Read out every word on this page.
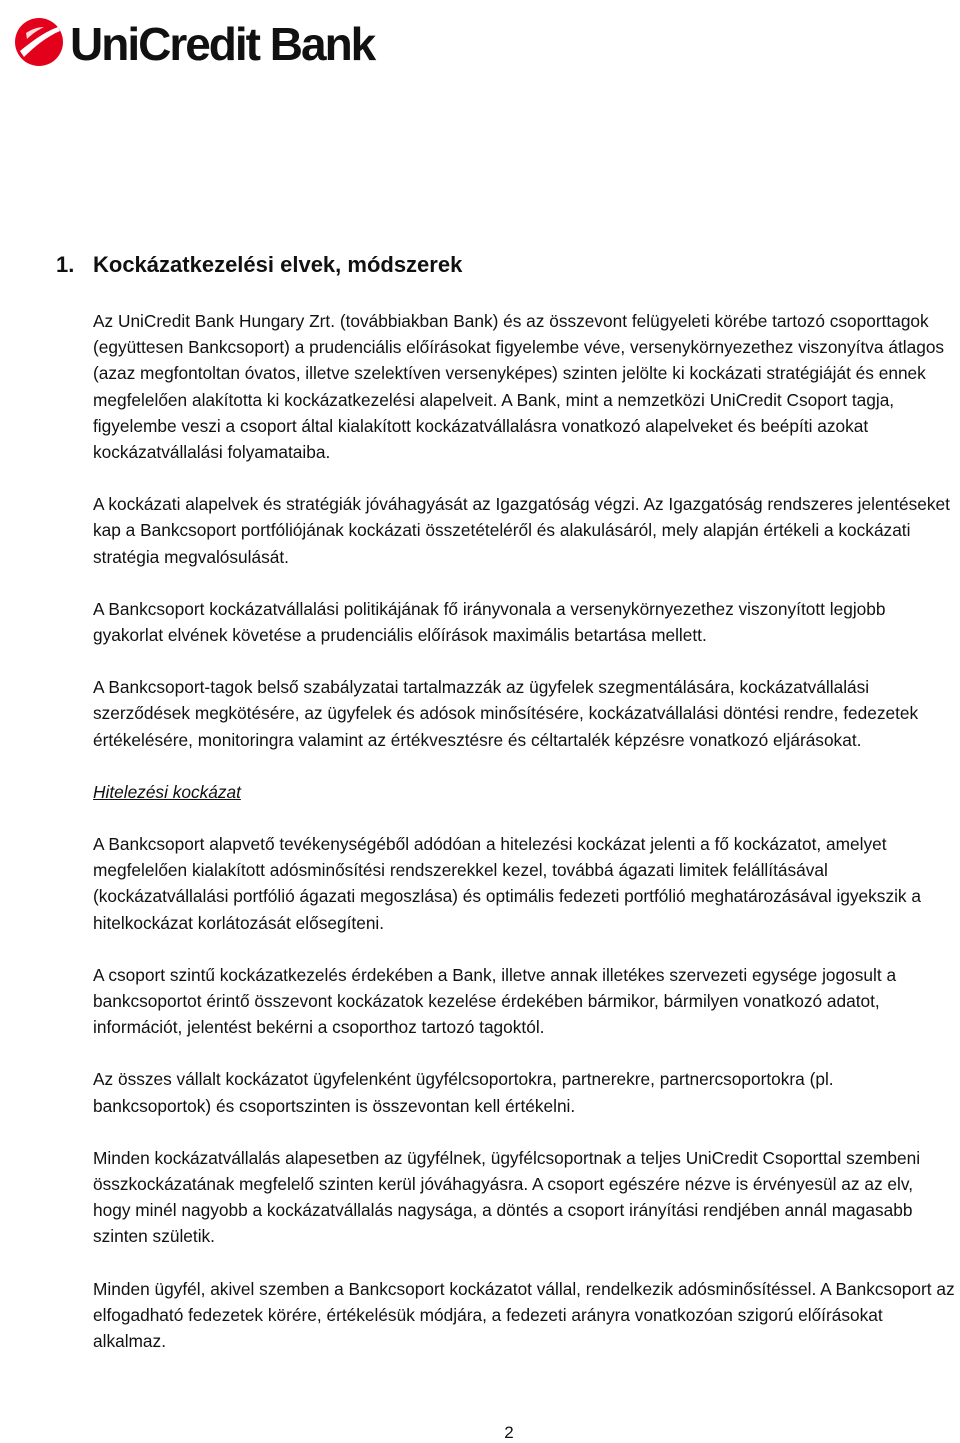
UniCredit Bank
1. Kockázatkezelési elvek, módszerek

Az UniCredit Bank Hungary Zrt. (továbbiakban Bank) és az összevont felügyeleti körébe tartozó csoporttagok (együttesen Bankcsoport) a prudenciális előírásokat figyelembe véve, versenykörnyezethez viszonyítva átlagos (azaz megfontoltan óvatos, illetve szelektíven versenyképes) szinten jelölte ki kockázati stratégiáját és ennek megfelelően alakította ki kockázatkezelési alapelveit. A Bank, mint a nemzetközi UniCredit Csoport tagja, figyelembe veszi a csoport által kialakított kockázatvállalásra vonatkozó alapelveket és beépíti azokat kockázatvállalási folyamataiba.

A kockázati alapelvek és stratégiák jóváhagyását az Igazgatóság végzi. Az Igazgatóság rendszeres jelentéseket kap a Bankcsoport portfóliójának kockázati összetételéről és alakulásáról, mely alapján értékeli a kockázati stratégia megvalósulását.

A Bankcsoport kockázatvállalási politikájának fő irányvonala a versenykörnyezethez viszonyított legjobb gyakorlat elvének követése a prudenciális előírások maximális betartása mellett.

A Bankcsoport-tagok belső szabályzatai tartalmazzák az ügyfelek szegmentálására, kockázatvállalási szerződések megkötésére, az ügyfelek és adósok minősítésére, kockázatvállalási döntési rendre, fedezetek értékelésére, monitoringra valamint az értékvesztésre és céltartalék képzésre vonatkozó eljárásokat.

Hitelezési kockázat

A Bankcsoport alapvető tevékenységéből adódóan a hitelezési kockázat jelenti a fő kockázatot, amelyet megfelelően kialakított adósminősítési rendszerekkel kezel, továbbá ágazati limitek felállításával (kockázatvállalási portfólió ágazati megoszlása) és optimális fedezeti portfólió meghatározásával igyekszik a hitelkockázat korlátozását elősegíteni.

A csoport szintű kockázatkezelés érdekében a Bank, illetve annak illetékes szervezeti egysége jogosult a bankcsoportot érintő összevont kockázatok kezelése érdekében bármikor, bármilyen vonatkozó adatot, információt, jelentést bekérni a csoporthoz tartozó tagoktól.

Az összes vállalt kockázatot ügyfelenként ügyfélcsoportokra, partnerekre, partnercsoportokra (pl. bankcsoportok) és csoportszinten is összevontan kell értékelni.

Minden kockázatvállalás alapesetben az ügyfélnek, ügyfélcsoportnak a teljes UniCredit Csoporttal szembeni összkockázatának megfelelő szinten kerül jóváhagyásra. A csoport egészére nézve is érvényesül az az elv, hogy minél nagyobb a kockázatvállalás nagysága, a döntés a csoport irányítási rendjében annál magasabb szinten születik.

Minden ügyfél, akivel szemben a Bankcsoport kockázatot vállal, rendelkezik adósminősítéssel. A Bankcsoport az elfogadható fedezetek körére, értékelésük módjára, a fedezeti arányra vonatkozóan szigorú előírásokat alkalmaz.

2
